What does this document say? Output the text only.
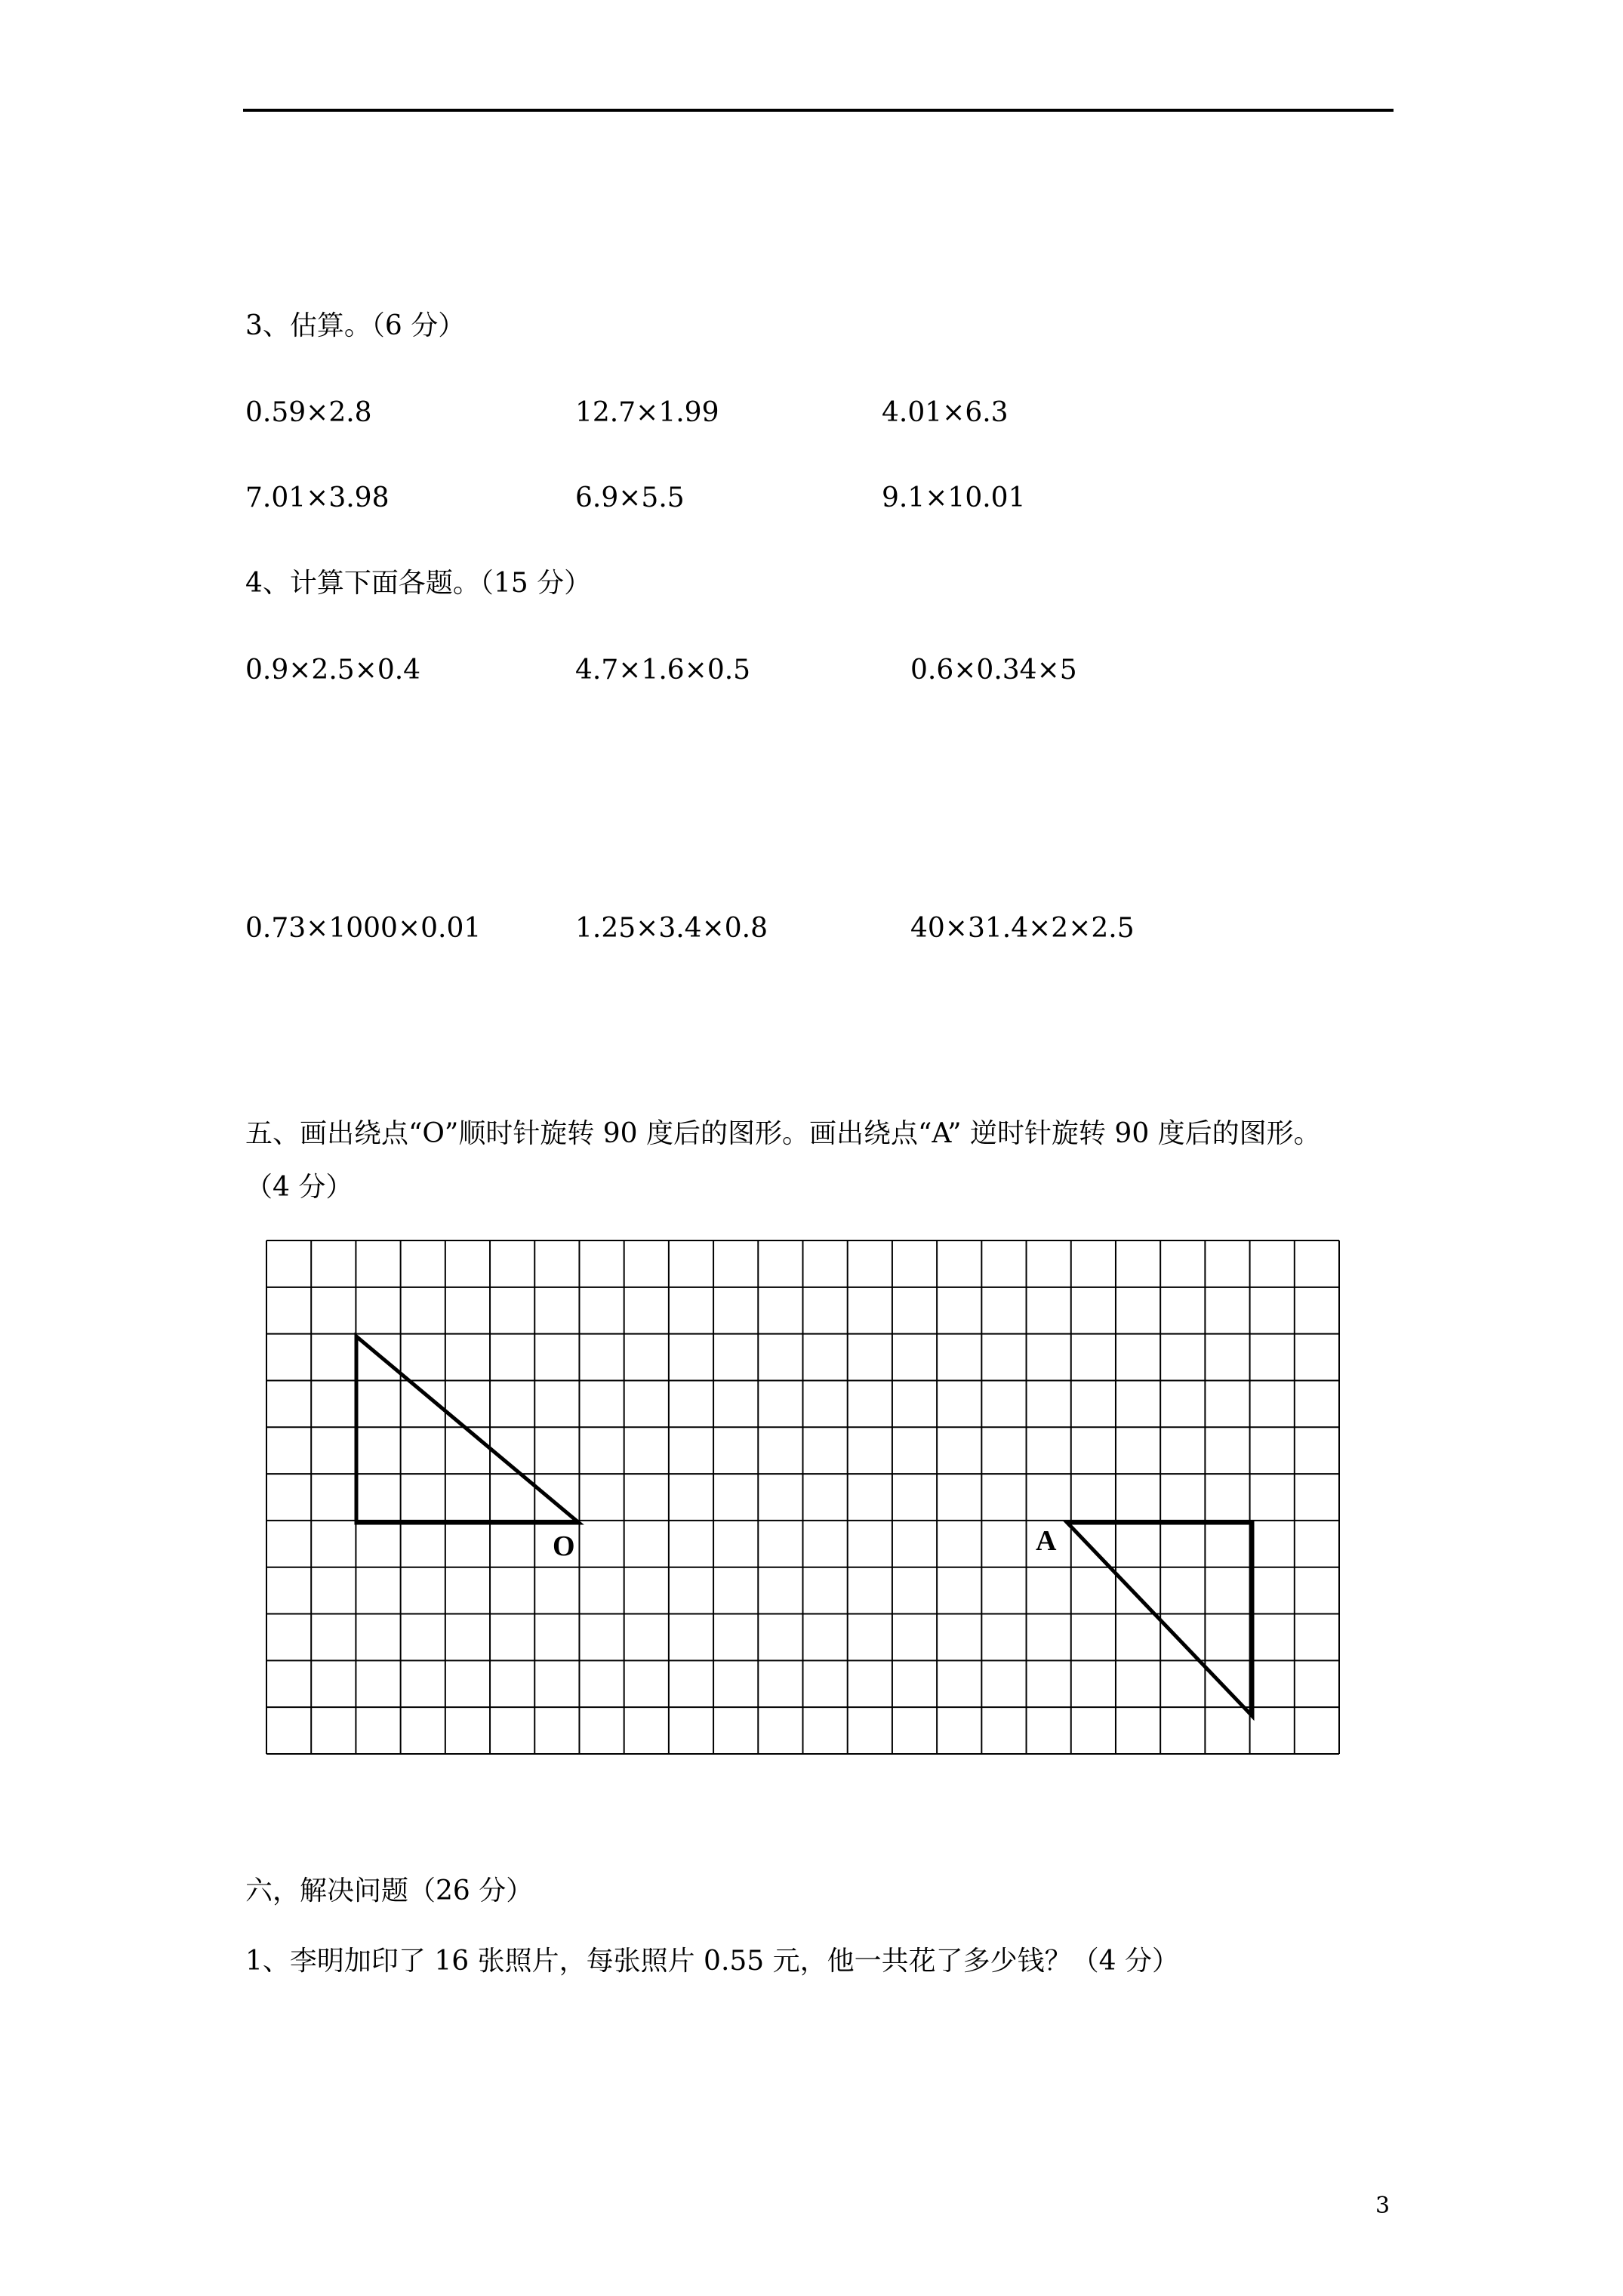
3、估算。（6 分）
0.59×2.8	12.7×1.99	4.01×6.3
7.01×3.98	6.9×5.5	9.1×10.01
4、计算下面各题。（15 分）
0.9×2.5×0.4	4.7×1.6×0.5	0.6×0.34×5
0.73×1000×0.01	1.25×3.4×0.8	40×31.4×2×2.5
五、画出绕点“O”顺时针旋转 90 度后的图形。画出绕点“A” 逆时针旋转 90 度后的图形。
（4 分）
O	A
六，解决问题（26 分）
1、李明加印了 16 张照片，每张照片 0.55 元，他一共花了多少钱？（4 分）
3
